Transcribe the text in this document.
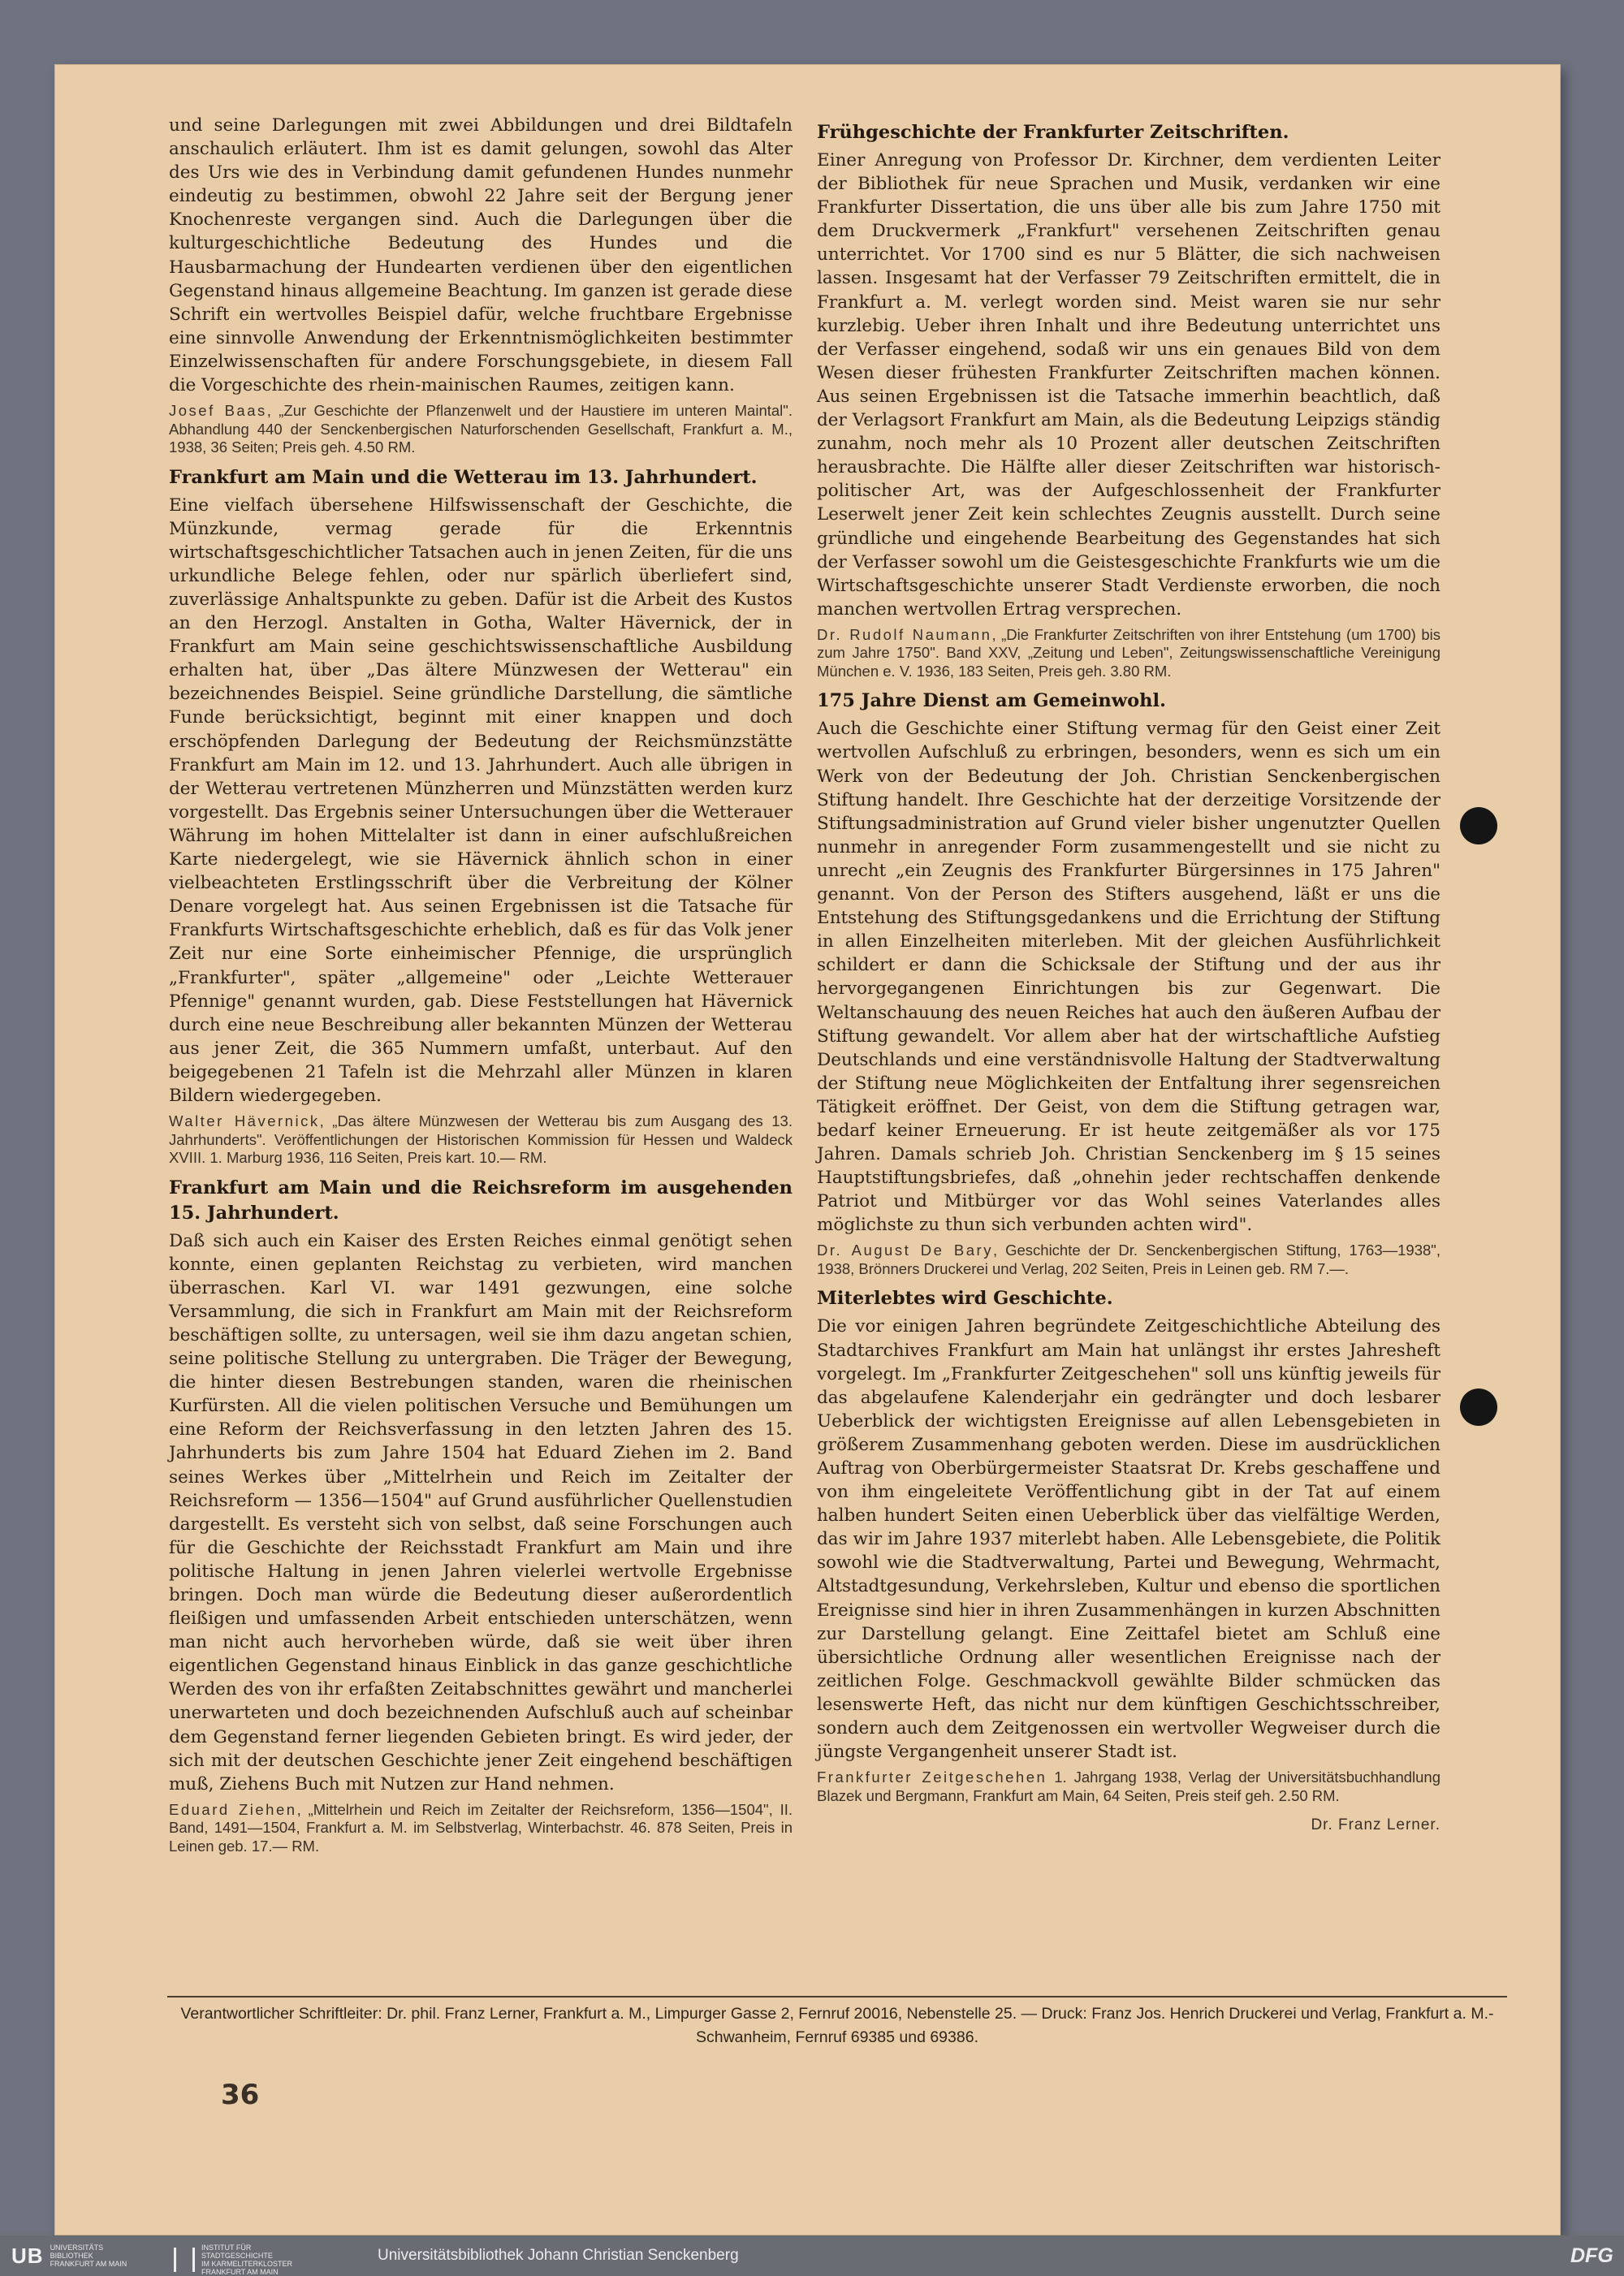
und seine Darlegungen mit zwei Abbildungen und drei Bildtafeln anschaulich erläutert. Ihm ist es damit gelungen, sowohl das Alter des Urs wie des in Verbindung damit gefundenen Hundes nunmehr eindeutig zu bestimmen, obwohl 22 Jahre seit der Bergung jener Knochenreste vergangen sind. Auch die Darlegungen über die kulturgeschichtliche Bedeutung des Hundes und die Hausbarmachung der Hundearten verdienen über den eigentlichen Gegenstand hinaus allgemeine Beachtung. Im ganzen ist gerade diese Schrift ein wertvolles Beispiel dafür, welche fruchtbare Ergebnisse eine sinnvolle Anwendung der Erkenntnismöglichkeiten bestimmter Einzelwissenschaften für andere Forschungsgebiete, in diesem Fall die Vorgeschichte des rhein-mainischen Raumes, zeitigen kann.

Josef Baas, „Zur Geschichte der Pflanzenwelt und der Haustiere im unteren Maintal". Abhandlung 440 der Senckenbergischen Naturforschenden Gesellschaft, Frankfurt a. M., 1938, 36 Seiten; Preis geh. 4.50 RM.
Frankfurt am Main und die Wetterau im 13. Jahrhundert.

Eine vielfach übersehene Hilfswissenschaft der Geschichte, die Münzkunde, vermag gerade für die Erkenntnis wirtschaftsgeschichtlicher Tatsachen auch in jenen Zeiten, für die uns urkundliche Belege fehlen, oder nur spärlich überliefert sind, zuverlässige Anhaltspunkte zu geben. Dafür ist die Arbeit des Kustos an den Herzogl. Anstalten in Gotha, Walter Hävernick, der in Frankfurt am Main seine geschichtswissenschaftliche Ausbildung erhalten hat, über „Das ältere Münzwesen der Wetterau" ein bezeichnendes Beispiel. Seine gründliche Darstellung, die sämtliche Funde berücksichtigt, beginnt mit einer knappen und doch erschöpfenden Darlegung der Bedeutung der Reichsmünzstätte Frankfurt am Main im 12. und 13. Jahrhundert. Auch alle übrigen in der Wetterau vertretenen Münzherren und Münzstätten werden kurz vorgestellt. Das Ergebnis seiner Untersuchungen über die Wetterauer Währung im hohen Mittelalter ist dann in einer aufschlußreichen Karte niedergelegt, wie sie Hävernick ähnlich schon in einer vielbeachteten Erstlingsschrift über die Verbreitung der Kölner Denare vorgelegt hat. Aus seinen Ergebnissen ist die Tatsache für Frankfurts Wirtschaftsgeschichte erheblich, daß es für das Volk jener Zeit nur eine Sorte einheimischer Pfennige, die ursprünglich „Frankfurter", später „allgemeine" oder „Leichte Wetterauer Pfennige" genannt wurden, gab. Diese Feststellungen hat Hävernick durch eine neue Beschreibung aller bekannten Münzen der Wetterau aus jener Zeit, die 365 Nummern umfaßt, unterbaut. Auf den beigegebenen 21 Tafeln ist die Mehrzahl aller Münzen in klaren Bildern wiedergegeben.

Walter Hävernick, „Das ältere Münzwesen der Wetterau bis zum Ausgang des 13. Jahrhunderts". Veröffentlichungen der Historischen Kommission für Hessen und Waldeck XVIII. 1. Marburg 1936, 116 Seiten, Preis kart. 10.— RM.
Frankfurt am Main und die Reichsreform im ausgehenden 15. Jahrhundert.

Daß sich auch ein Kaiser des Ersten Reiches einmal genötigt sehen konnte, einen geplanten Reichstag zu verbieten, wird manchen überraschen. Karl VI. war 1491 gezwungen, eine solche Versammlung, die sich in Frankfurt am Main mit der Reichsreform beschäftigen sollte, zu untersagen, weil sie ihm dazu angetan schien, seine politische Stellung zu untergraben. Die Träger der Bewegung, die hinter diesen Bestrebungen standen, waren die rheinischen Kurfürsten. All die vielen politischen Versuche und Bemühungen um eine Reform der Reichsverfassung in den letzten Jahren des 15. Jahrhunderts bis zum Jahre 1504 hat Eduard Ziehen im 2. Band seines Werkes über „Mittelrhein und Reich im Zeitalter der Reichsreform — 1356—1504" auf Grund ausführlicher Quellenstudien dargestellt. Es versteht sich von selbst, daß seine Forschungen auch für die Geschichte der Reichsstadt Frankfurt am Main und ihre politische Haltung in jenen Jahren vielerlei wertvolle Ergebnisse bringen. Doch man würde die Bedeutung dieser außerordentlich fleißigen und umfassenden Arbeit entschieden unterschätzen, wenn man nicht auch hervorheben würde, daß sie weit über ihren eigentlichen Gegenstand hinaus Einblick in das ganze geschichtliche Werden des von ihr erfaßten Zeitabschnittes gewährt und mancherlei unerwarteten und doch bezeichnenden Aufschluß auch auf scheinbar dem Gegenstand ferner liegenden Gebieten bringt. Es wird jeder, der sich mit der deutschen Geschichte jener Zeit eingehend beschäftigen muß, Ziehens Buch mit Nutzen zur Hand nehmen.

Eduard Ziehen, „Mittelrhein und Reich im Zeitalter der Reichsreform, 1356—1504", II. Band, 1491—1504, Frankfurt a. M. im Selbstverlag, Winterbachstr. 46. 878 Seiten, Preis in Leinen geb. 17.— RM.
Frühgeschichte der Frankfurter Zeitschriften.

Einer Anregung von Professor Dr. Kirchner, dem verdienten Leiter der Bibliothek für neue Sprachen und Musik, verdanken wir eine Frankfurter Dissertation, die uns über alle bis zum Jahre 1750 mit dem Druckvermerk „Frankfurt" versehenen Zeitschriften genau unterrichtet. Vor 1700 sind es nur 5 Blätter, die sich nachweisen lassen. Insgesamt hat der Verfasser 79 Zeitschriften ermittelt, die in Frankfurt a. M. verlegt worden sind. Meist waren sie nur sehr kurzlebig. Ueber ihren Inhalt und ihre Bedeutung unterrichtet uns der Verfasser eingehend, sodaß wir uns ein genaues Bild von dem Wesen dieser frühesten Frankfurter Zeitschriften machen können. Aus seinen Ergebnissen ist die Tatsache immerhin beachtlich, daß der Verlagsort Frankfurt am Main, als die Bedeutung Leipzigs ständig zunahm, noch mehr als 10 Prozent aller deutschen Zeitschriften herausbrachte. Die Hälfte aller dieser Zeitschriften war historisch-politischer Art, was der Aufgeschlossenheit der Frankfurter Leserwelt jener Zeit kein schlechtes Zeugnis ausstellt. Durch seine gründliche und eingehende Bearbeitung des Gegenstandes hat sich der Verfasser sowohl um die Geistesgeschichte Frankfurts wie um die Wirtschaftsgeschichte unserer Stadt Verdienste erworben, die noch manchen wertvollen Ertrag versprechen.

Dr. Rudolf Naumann, „Die Frankfurter Zeitschriften von ihrer Entstehung (um 1700) bis zum Jahre 1750". Band XXV, „Zeitung und Leben", Zeitungswissenschaftliche Vereinigung München e. V. 1936, 183 Seiten, Preis geh. 3.80 RM.
175 Jahre Dienst am Gemeinwohl.

Auch die Geschichte einer Stiftung vermag für den Geist einer Zeit wertvollen Aufschluß zu erbringen, besonders, wenn es sich um ein Werk von der Bedeutung der Joh. Christian Senckenbergischen Stiftung handelt. Ihre Geschichte hat der derzeitige Vorsitzende der Stiftungsadministration auf Grund vieler bisher ungenutzter Quellen nunmehr in anregender Form zusammengestellt und sie nicht zu unrecht „ein Zeugnis des Frankfurter Bürgersinnes in 175 Jahren" genannt. Von der Person des Stifters ausgehend, läßt er uns die Entstehung des Stiftungsgedankens und die Errichtung der Stiftung in allen Einzelheiten miterleben. Mit der gleichen Ausführlichkeit schildert er dann die Schicksale der Stiftung und der aus ihr hervorgegangenen Einrichtungen bis zur Gegenwart. Die Weltanschauung des neuen Reiches hat auch den äußeren Aufbau der Stiftung gewandelt. Vor allem aber hat der wirtschaftliche Aufstieg Deutschlands und eine verständnisvolle Haltung der Stadtverwaltung der Stiftung neue Möglichkeiten der Entfaltung ihrer segensreichen Tätigkeit eröffnet. Der Geist, von dem die Stiftung getragen war, bedarf keiner Erneuerung. Er ist heute zeitgemäßer als vor 175 Jahren. Damals schrieb Joh. Christian Senckenberg im § 15 seines Hauptstiftungsbriefes, daß „ohnehin jeder rechtschaffen denkende Patriot und Mitbürger vor das Wohl seines Vaterlandes alles möglichste zu thun sich verbunden achten wird".

Dr. August De Bary, Geschichte der Dr. Senckenbergischen Stiftung, 1763—1938", 1938, Brönners Druckerei und Verlag, 202 Seiten, Preis in Leinen geb. RM 7.—.
Miterlebtes wird Geschichte.

Die vor einigen Jahren begründete Zeitgeschichtliche Abteilung des Stadtarchives Frankfurt am Main hat unlängst ihr erstes Jahresheft vorgelegt. Im „Frankfurter Zeitgeschehen" soll uns künftig jeweils für das abgelaufene Kalenderjahr ein gedrängter und doch lesbarer Ueberblick der wichtigsten Ereignisse auf allen Lebensgebieten in größerem Zusammenhang geboten werden. Diese im ausdrücklichen Auftrag von Oberbürgermeister Staatsrat Dr. Krebs geschaffene und von ihm eingeleitete Veröffentlichung gibt in der Tat auf einem halben hundert Seiten einen Ueberblick über das vielfältige Werden, das wir im Jahre 1937 miterlebt haben. Alle Lebensgebiete, die Politik sowohl wie die Stadtverwaltung, Partei und Bewegung, Wehrmacht, Altstadtgesundung, Verkehrsleben, Kultur und ebenso die sportlichen Ereignisse sind hier in ihren Zusammenhängen in kurzen Abschnitten zur Darstellung gelangt. Eine Zeittafel bietet am Schluß eine übersichtliche Ordnung aller wesentlichen Ereignisse nach der zeitlichen Folge. Geschmackvoll gewählte Bilder schmücken das lesenswerte Heft, das nicht nur dem künftigen Geschichtsschreiber, sondern auch dem Zeitgenossen ein wertvoller Wegweiser durch die jüngste Vergangenheit unserer Stadt ist.

Frankfurter Zeitgeschehen 1. Jahrgang 1938, Verlag der Universitätsbuchhandlung Blazek und Bergmann, Frankfurt am Main, 64 Seiten, Preis steif geh. 2.50 RM.
Dr. Franz Lerner.
Verantwortlicher Schriftleiter: Dr. phil. Franz Lerner, Frankfurt a. M., Limpurger Gasse 2, Fernruf 20016, Nebenstelle 25. — Druck: Franz Jos. Henrich Druckerei und Verlag, Frankfurt a. M.-Schwanheim, Fernruf 69385 und 69386.
36
UB UNIVERSITÄTS
BIBLIOTHEK
FRANKFURT AM MAIN
INSTITUT FÜR
STADTGESCHICHTE
IM KARMELITERKLOSTER
FRANKFURT AM MAIN
Universitätsbibliothek Johann Christian Senckenberg	DFG
